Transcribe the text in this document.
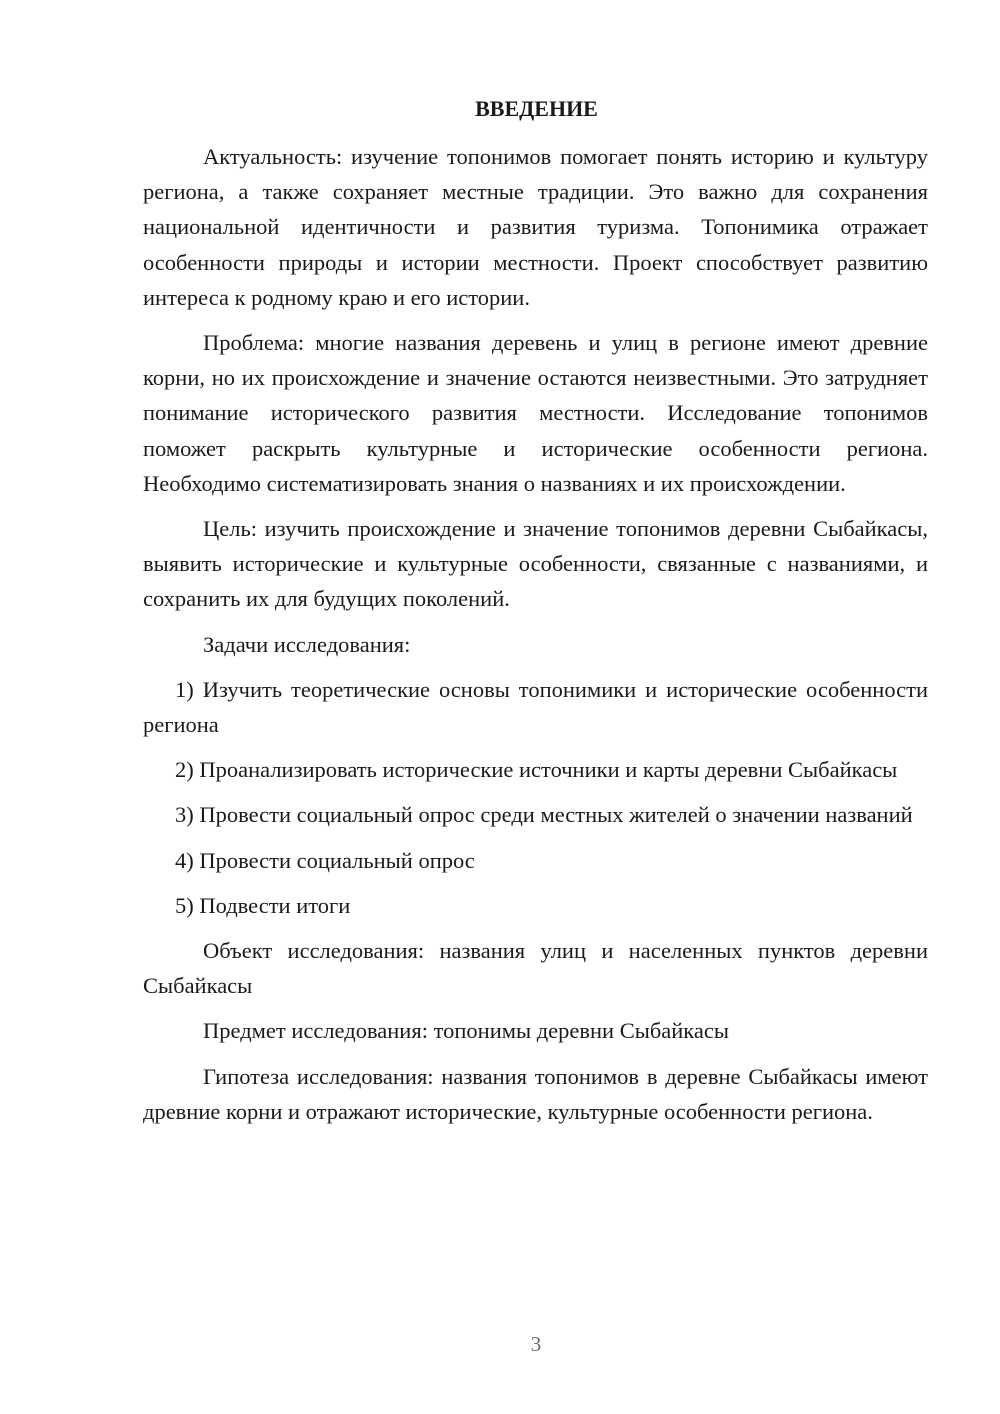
ВВЕДЕНИЕ

Актуальность: изучение топонимов помогает понять историю и культуру региона, а также сохраняет местные традиции. Это важно для сохранения национальной идентичности и развития туризма. Топонимика отражает особенности природы и истории местности. Проект способствует развитию интереса к родному краю и его истории.

Проблема: многие названия деревень и улиц в регионе имеют древние корни, но их происхождение и значение остаются неизвестными. Это затрудняет понимание исторического развития местности. Исследование топонимов поможет раскрыть культурные и исторические особенности региона. Необходимо систематизировать знания о названиях и их происхождении.

Цель: изучить происхождение и значение топонимов деревни Сыбайкасы, выявить исторические и культурные особенности, связанные с названиями, и сохранить их для будущих поколений.

Задачи исследования:

1) Изучить теоретические основы топонимики и исторические особенности региона

2) Проанализировать исторические источники и карты деревни Сыбайкасы

3) Провести социальный опрос среди местных жителей о значении названий

4) Провести социальный опрос

5) Подвести итоги

Объект исследования: названия улиц и населенных пунктов деревни Сыбайкасы

Предмет исследования: топонимы деревни Сыбайкасы

Гипотеза исследования: названия топонимов в деревне Сыбайкасы имеют древние корни и отражают исторические, культурные особенности региона.

3
